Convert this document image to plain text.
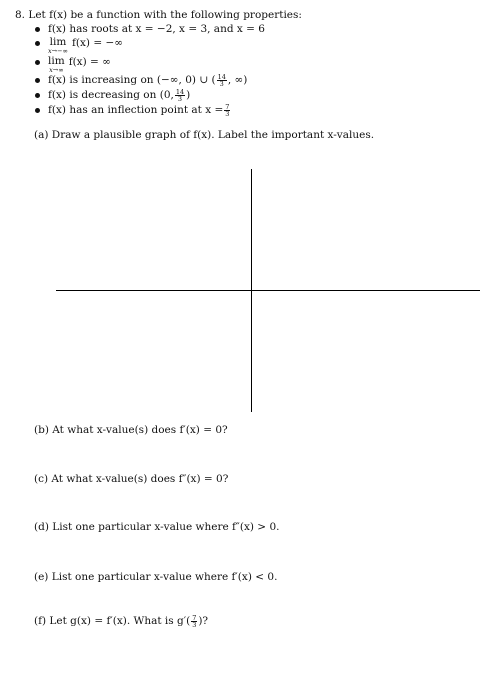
8. Let f(x) be a function with the following properties:
f(x) has roots at x = −2, x = 3, and x = 6
lim
x→−∞
f(x) = −∞
lim
x→∞
f(x) = ∞
f(x) is increasing on (−∞, 0) ∪ ( $\frac{14}{3}$ , ∞)
f(x) is decreasing on (0, $\frac{14}{3}$ )
f(x) has an inflection point at $x = \frac{7}{3}$
(a) Draw a plausible graph of f(x). Label the important x-values.
(b) At what x-value(s) does f′(x) = 0?
(c) At what x-value(s) does f″(x) = 0?
(d) List one particular x-value where f″(x) > 0.
(e) List one particular x-value where f′(x) < 0.
(f) Let g(x) = f′(x). What is $g'( \frac{7}{3}$ )?
